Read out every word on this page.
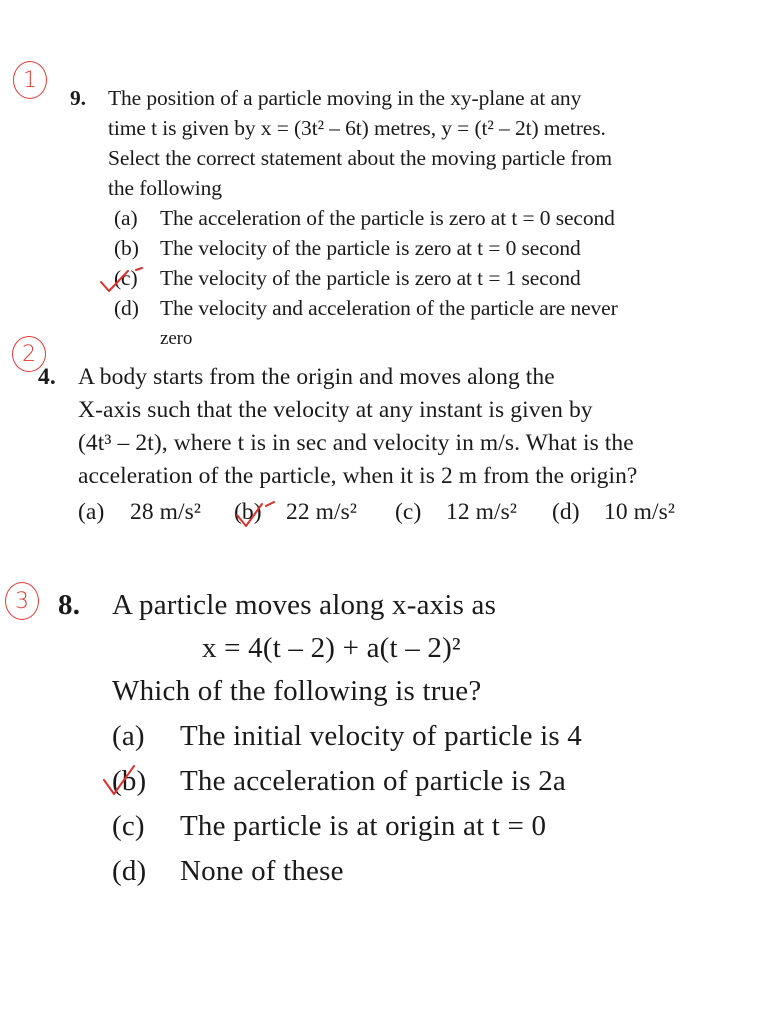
1
9. The position of a particle moving in the xy-plane at any
time t is given by x = (3t² – 6t) metres, y = (t² – 2t) metres.
Select the correct statement about the moving particle from
the following
(a) The acceleration of the particle is zero at t = 0 second
(b) The velocity of the particle is zero at t = 0 second
(c) The velocity of the particle is zero at t = 1 second
(d) The velocity and acceleration of the particle are never
zero
2
4. A body starts from the origin and moves along the
X-axis such that the velocity at any instant is given by
(4t³ – 2t), where t is in sec and velocity in m/s. What is the
acceleration of the particle, when it is 2 m from the origin?
(a) 28 m/s² (b) 22 m/s² (c) 12 m/s² (d) 10 m/s²
3 8. A particle moves along x-axis as
x = 4(t – 2) + a(t – 2)²
Which of the following is true?
(a) The initial velocity of particle is 4
(b) The acceleration of particle is 2a
(c) The particle is at origin at t = 0
(d) None of these
